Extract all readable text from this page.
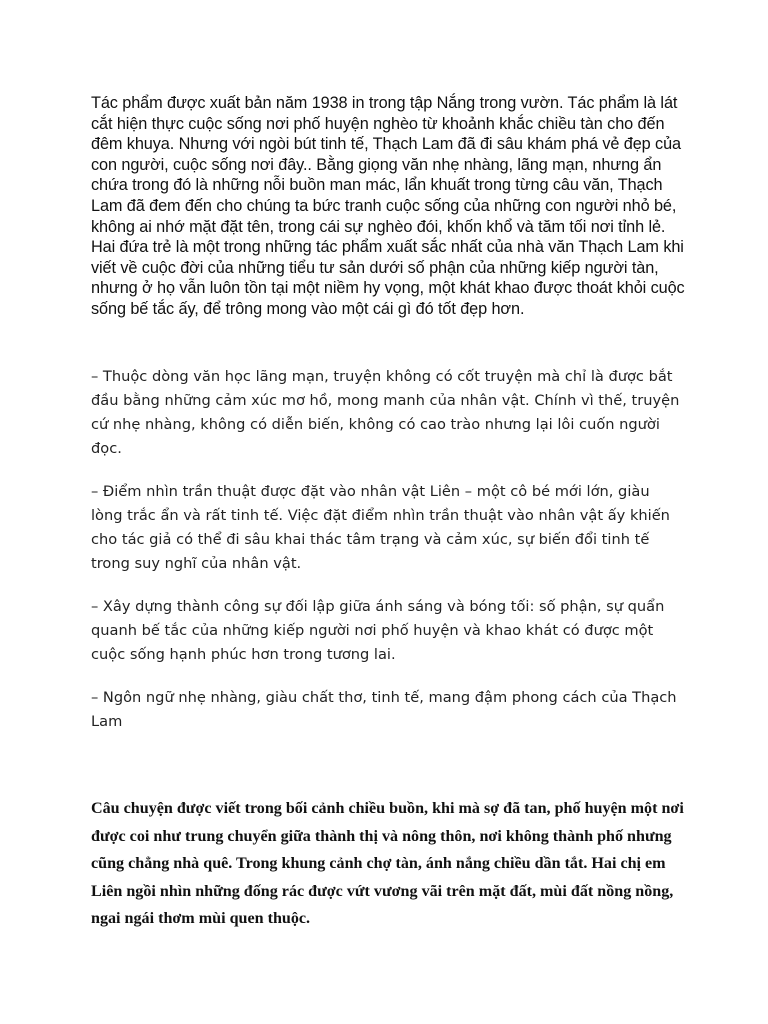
Tác phẩm được xuất bản năm 1938 in trong tập Nắng trong vườn. Tác phẩm là lát cắt hiện thực cuộc sống nơi phố huyện nghèo từ khoảnh khắc chiều tàn cho đến đêm khuya. Nhưng với ngòi bút tinh tế, Thạch Lam đã đi sâu khám phá vẻ đẹp của con người, cuộc sống nơi đây.. Bằng giọng văn nhẹ nhàng, lãng mạn, nhưng ẩn chứa trong đó là những nỗi buồn man mác, lẩn khuất trong từng câu văn, Thạch Lam đã đem đến cho chúng ta bức tranh cuộc sống của những con người nhỏ bé, không ai nhớ mặt đặt tên, trong cái sự nghèo đói, khốn khổ và tăm tối nơi tỉnh lẻ. Hai đứa trẻ là một trong những tác phẩm xuất sắc nhất của nhà văn Thạch Lam khi viết về cuộc đời của những tiểu tư sản dưới số phận của những kiếp người tàn, nhưng ở họ vẫn luôn tồn tại một niềm hy vọng, một khát khao được thoát khỏi cuộc sống bế tắc ấy, để trông mong vào một cái gì đó tốt đẹp hơn.

– Thuộc dòng văn học lãng mạn, truyện không có cốt truyện mà chỉ là được bắt đầu bằng những cảm xúc mơ hồ, mong manh của nhân vật. Chính vì thế, truyện cứ nhẹ nhàng, không có diễn biến, không có cao trào nhưng lại lôi cuốn người đọc.

– Điểm nhìn trần thuật được đặt vào nhân vật Liên – một cô bé mới lớn, giàu lòng trắc ẩn và rất tinh tế. Việc đặt điểm nhìn trần thuật vào nhân vật ấy khiến cho tác giả có thể đi sâu khai thác tâm trạng và cảm xúc, sự biến đổi tinh tế trong suy nghĩ của nhân vật.

– Xây dựng thành công sự đối lập giữa ánh sáng và bóng tối: số phận, sự quẩn quanh bế tắc của những kiếp người nơi phố huyện và khao khát có được một cuộc sống hạnh phúc hơn trong tương lai.

– Ngôn ngữ nhẹ nhàng, giàu chất thơ, tinh tế, mang đậm phong cách của Thạch Lam

Câu chuyện được viết trong bối cảnh chiều buồn, khi mà sợ đã tan, phố huyện một nơi được coi như trung chuyển giữa thành thị và nông thôn, nơi không thành phố nhưng cũng chẳng nhà quê. Trong khung cảnh chợ tàn, ánh nắng chiều dần tắt. Hai chị em Liên ngồi nhìn những đống rác được vứt vương vãi trên mặt đất, mùi đất nồng nồng, ngai ngái thơm mùi quen thuộc.
